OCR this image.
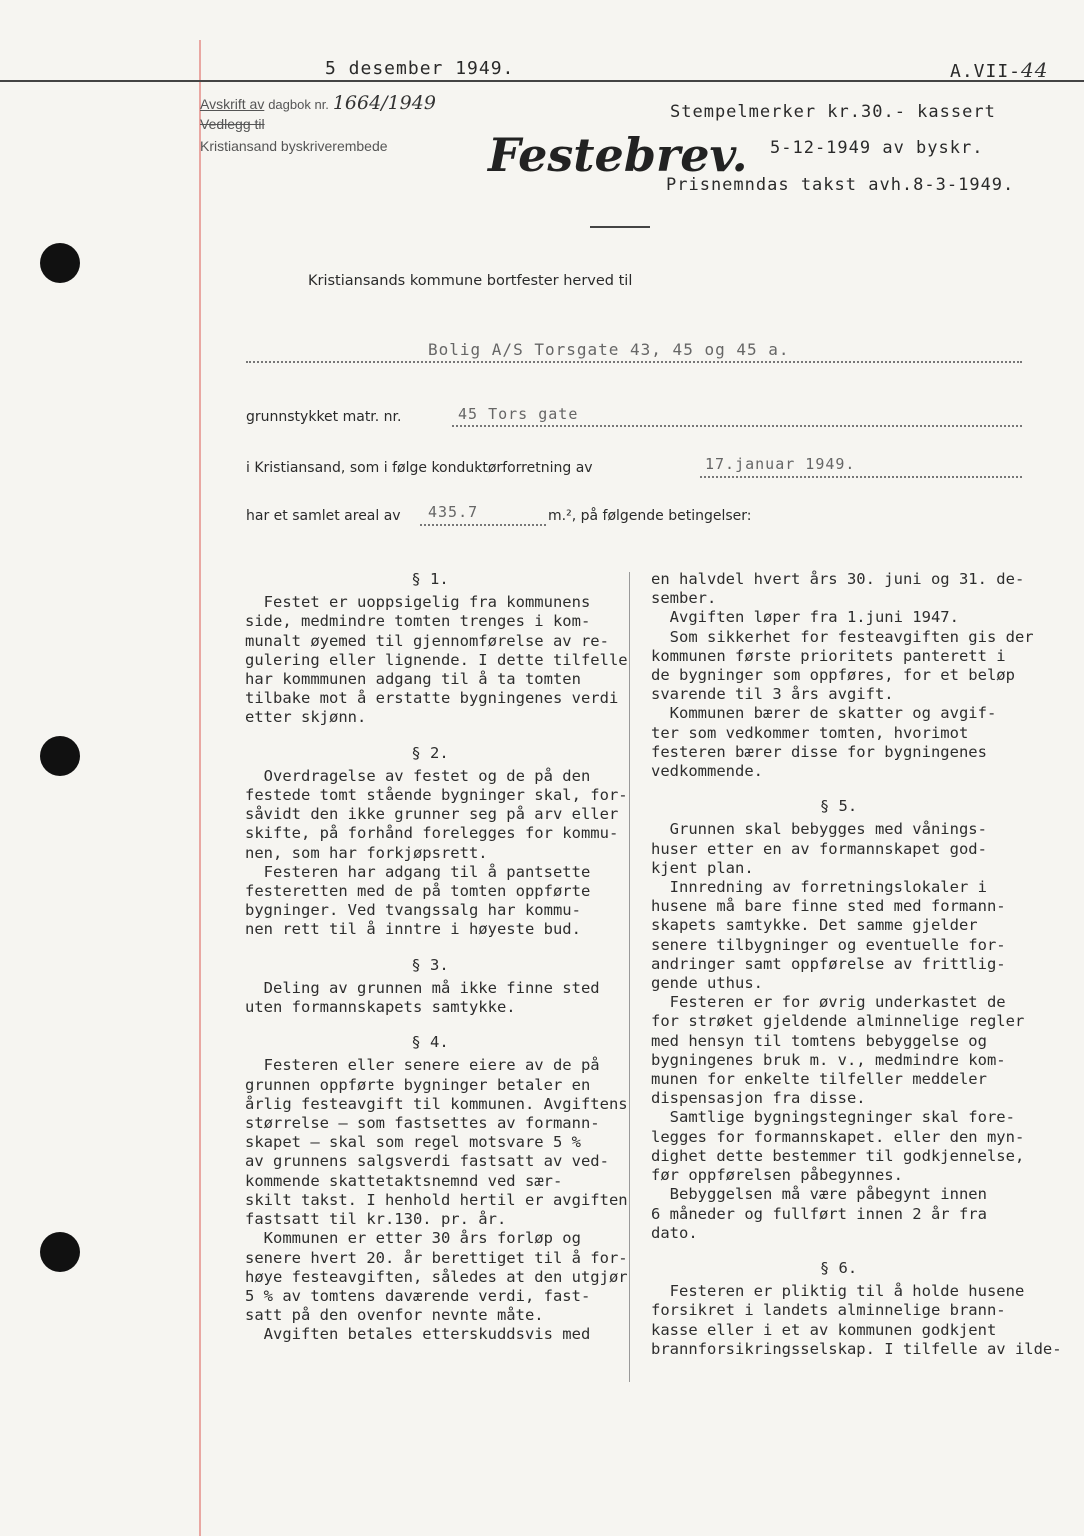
5 desember 1949.	A.VII-44
Avskrift av dagbok nr. 1664/1949
Vedlegg til
Kristiansand byskriverembede Festebrev.
Stempelmerker kr.30.- kassert
5-12-1949 av byskr.
Prisnemndas takst avh.8-3-1949.
Kristiansands kommune bortfester herved til
Bolig A/S Torsgate 43, 45 og 45 a.
grunnstykket matr. nr.	45 Tors gate
i Kristiansand, som i følge konduktørforretning av	17.januar 1949.
har et samlet areal av 435.7	m.², på følgende betingelser:
§ 1.
Festet er uoppsigelig fra kommunens
side, medmindre tomten trenges i kom-
munalt øyemed til gjennomførelse av re-
gulering eller lignende. I dette tilfelle
har kommmunen adgang til å ta tomten
tilbake mot å erstatte bygningenes verdi
etter skjønn.
§ 2.
Overdragelse av festet og de på den
festede tomt stående bygninger skal, for-
såvidt den ikke grunner seg på arv eller
skifte, på forhånd forelegges for kommu-
nen, som har forkjøpsrett.
Festeren har adgang til å pantsette
festeretten med de på tomten oppførte
bygninger. Ved tvangssalg har kommu-
nen rett til å inntre i høyeste bud.
§ 3.
Deling av grunnen må ikke finne sted
uten formannskapets samtykke.
§ 4.
Festeren eller senere eiere av de på
grunnen oppførte bygninger betaler en
årlig festeavgift til kommunen. Avgiftens
størrelse — som fastsettes av formann-
skapet — skal som regel motsvare 5 %
av grunnens salgsverdi fastsatt av ved-
kommende skattetaktsnemnd ved sær-
skilt takst. I henhold hertil er avgiften
fastsatt til kr.130. pr. år.
Kommunen er etter 30 års forløp og
senere hvert 20. år berettiget til å for-
høye festeavgiften, således at den utgjør
5 % av tomtens daværende verdi, fast-
satt på den ovenfor nevnte måte.
Avgiften betales etterskuddsvis med
en halvdel hvert års 30. juni og 31. de-
sember.
Avgiften løper fra 1.juni 1947.
Som sikkerhet for festeavgiften gis der
kommunen første prioritets panterett i
de bygninger som oppføres, for et beløp
svarende til 3 års avgift.
Kommunen bærer de skatter og avgif-
ter som vedkommer tomten, hvorimot
festeren bærer disse for bygningenes
vedkommende.
§ 5.
Grunnen skal bebygges med vånings-
huser etter en av formannskapet god-
kjent plan.
Innredning av forretningslokaler i
husene må bare finne sted med formann-
skapets samtykke. Det samme gjelder
senere tilbygninger og eventuelle for-
andringer samt oppførelse av frittlig-
gende uthus.
Festeren er for øvrig underkastet de
for strøket gjeldende alminnelige regler
med hensyn til tomtens bebyggelse og
bygningenes bruk m. v., medmindre kom-
munen for enkelte tilfeller meddeler
dispensasjon fra disse.
Samtlige bygningstegninger skal fore-
legges for formannskapet. eller den myn-
dighet dette bestemmer til godkjennelse,
før oppførelsen påbegynnes.
Bebyggelsen må være påbegynt innen
6 måneder og fullført innen 2 år fra
dato.
§ 6.
Festeren er pliktig til å holde husene
forsikret i landets alminnelige brann-
kasse eller i et av kommunen godkjent
brannforsikringsselskap. I tilfelle av ilde-
